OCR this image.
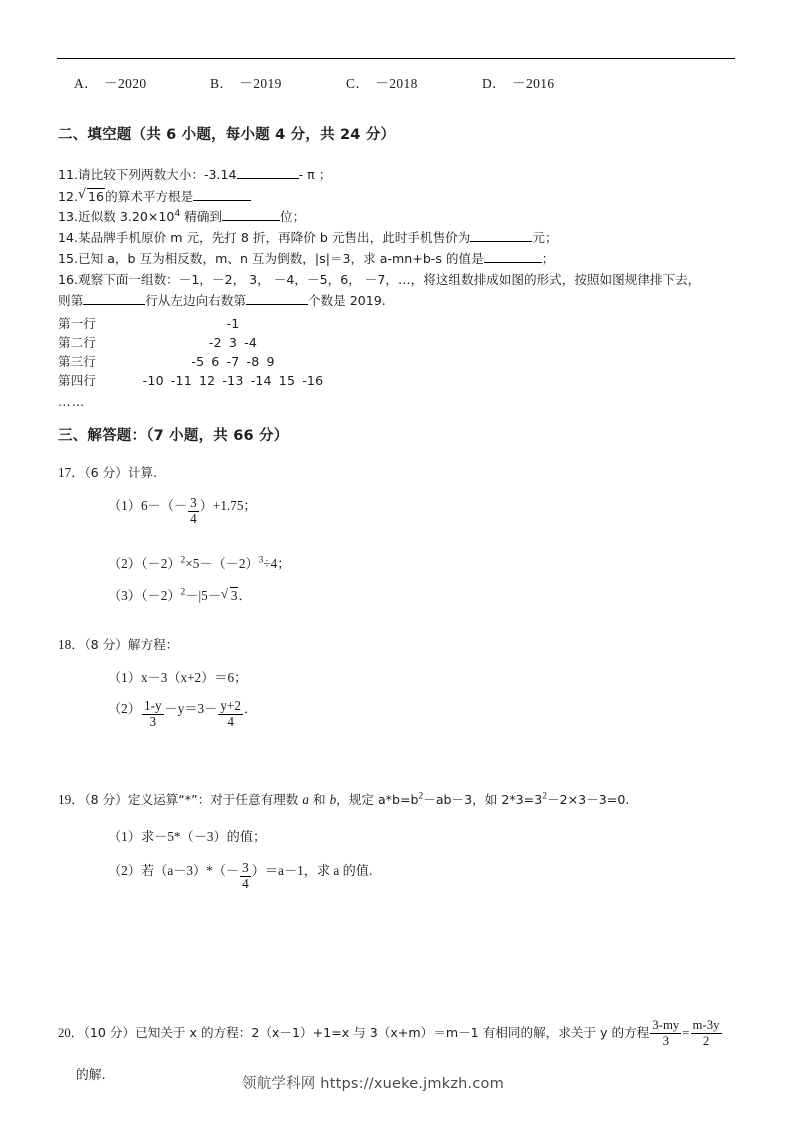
A． －2020	B． －2019	C． －2018	D． －2016
二、填空题（共 6 小题，每小题 4 分，共 24 分）
11.请比较下列两数大小：-3.14	- π ；
12. √ 16的算术平方根是
13.近似数 $3.20\times 10^4$ 精确到	位；
14.某品牌手机原价 m 元，先打 8 折，再降价 b 元售出，此时手机售价为	元；
15.已知 a，b 互为相反数，m、n 互为倒数，|s|＝3，求 a-mn+b-s 的值是	；
16.观察下面一组数：－1，－2， 3， －4，－5，6， －7，…，将这组数排成如图的形式，按照如图规律排下去，
则第	行从左边向右数第	个数是 2019.
第一行	-1
第二行	-2 3 -4
第三行	-5 6 -7 -8 9
第四行	-10 -11 12 -13 -14 15 -16
……
三、解答题：（7 小题，共 66 分）
17．（6 分）计算.
$(1)6-(- \frac{3}{4} )+1.75$；
$(2)(-2)^2\times 5-(-2)^3\div 4$；
$(3)(-2)^2-|5-$ √ 3．
18．（8 分）解方程：
（1）x－3（x+2）＝6；
$(2) \frac{1-y}{3} -y=3- \frac{y+2}{4}$ ．
19．（8 分）定义运算“*”：对于任意有理数 a 和 b，规定 $a*b=b^2-ab-3$，如 $2*3=3^2-2\times 3-3=0$.
（1）求－5*（－3）的值；
（2）若$(a-3)*(- \frac{3}{4} )=a-1$，求 a 的值.
20．（10 分）已知关于 x 的方程：2（x－1）+1=x 与 3（x+m）＝m－1 有相同的解，求关于 y 的方程 $\frac{3-my}{3} = \frac{m-3y}{2}$
的解.
领航学科网 https://xueke.jmkzh.com
